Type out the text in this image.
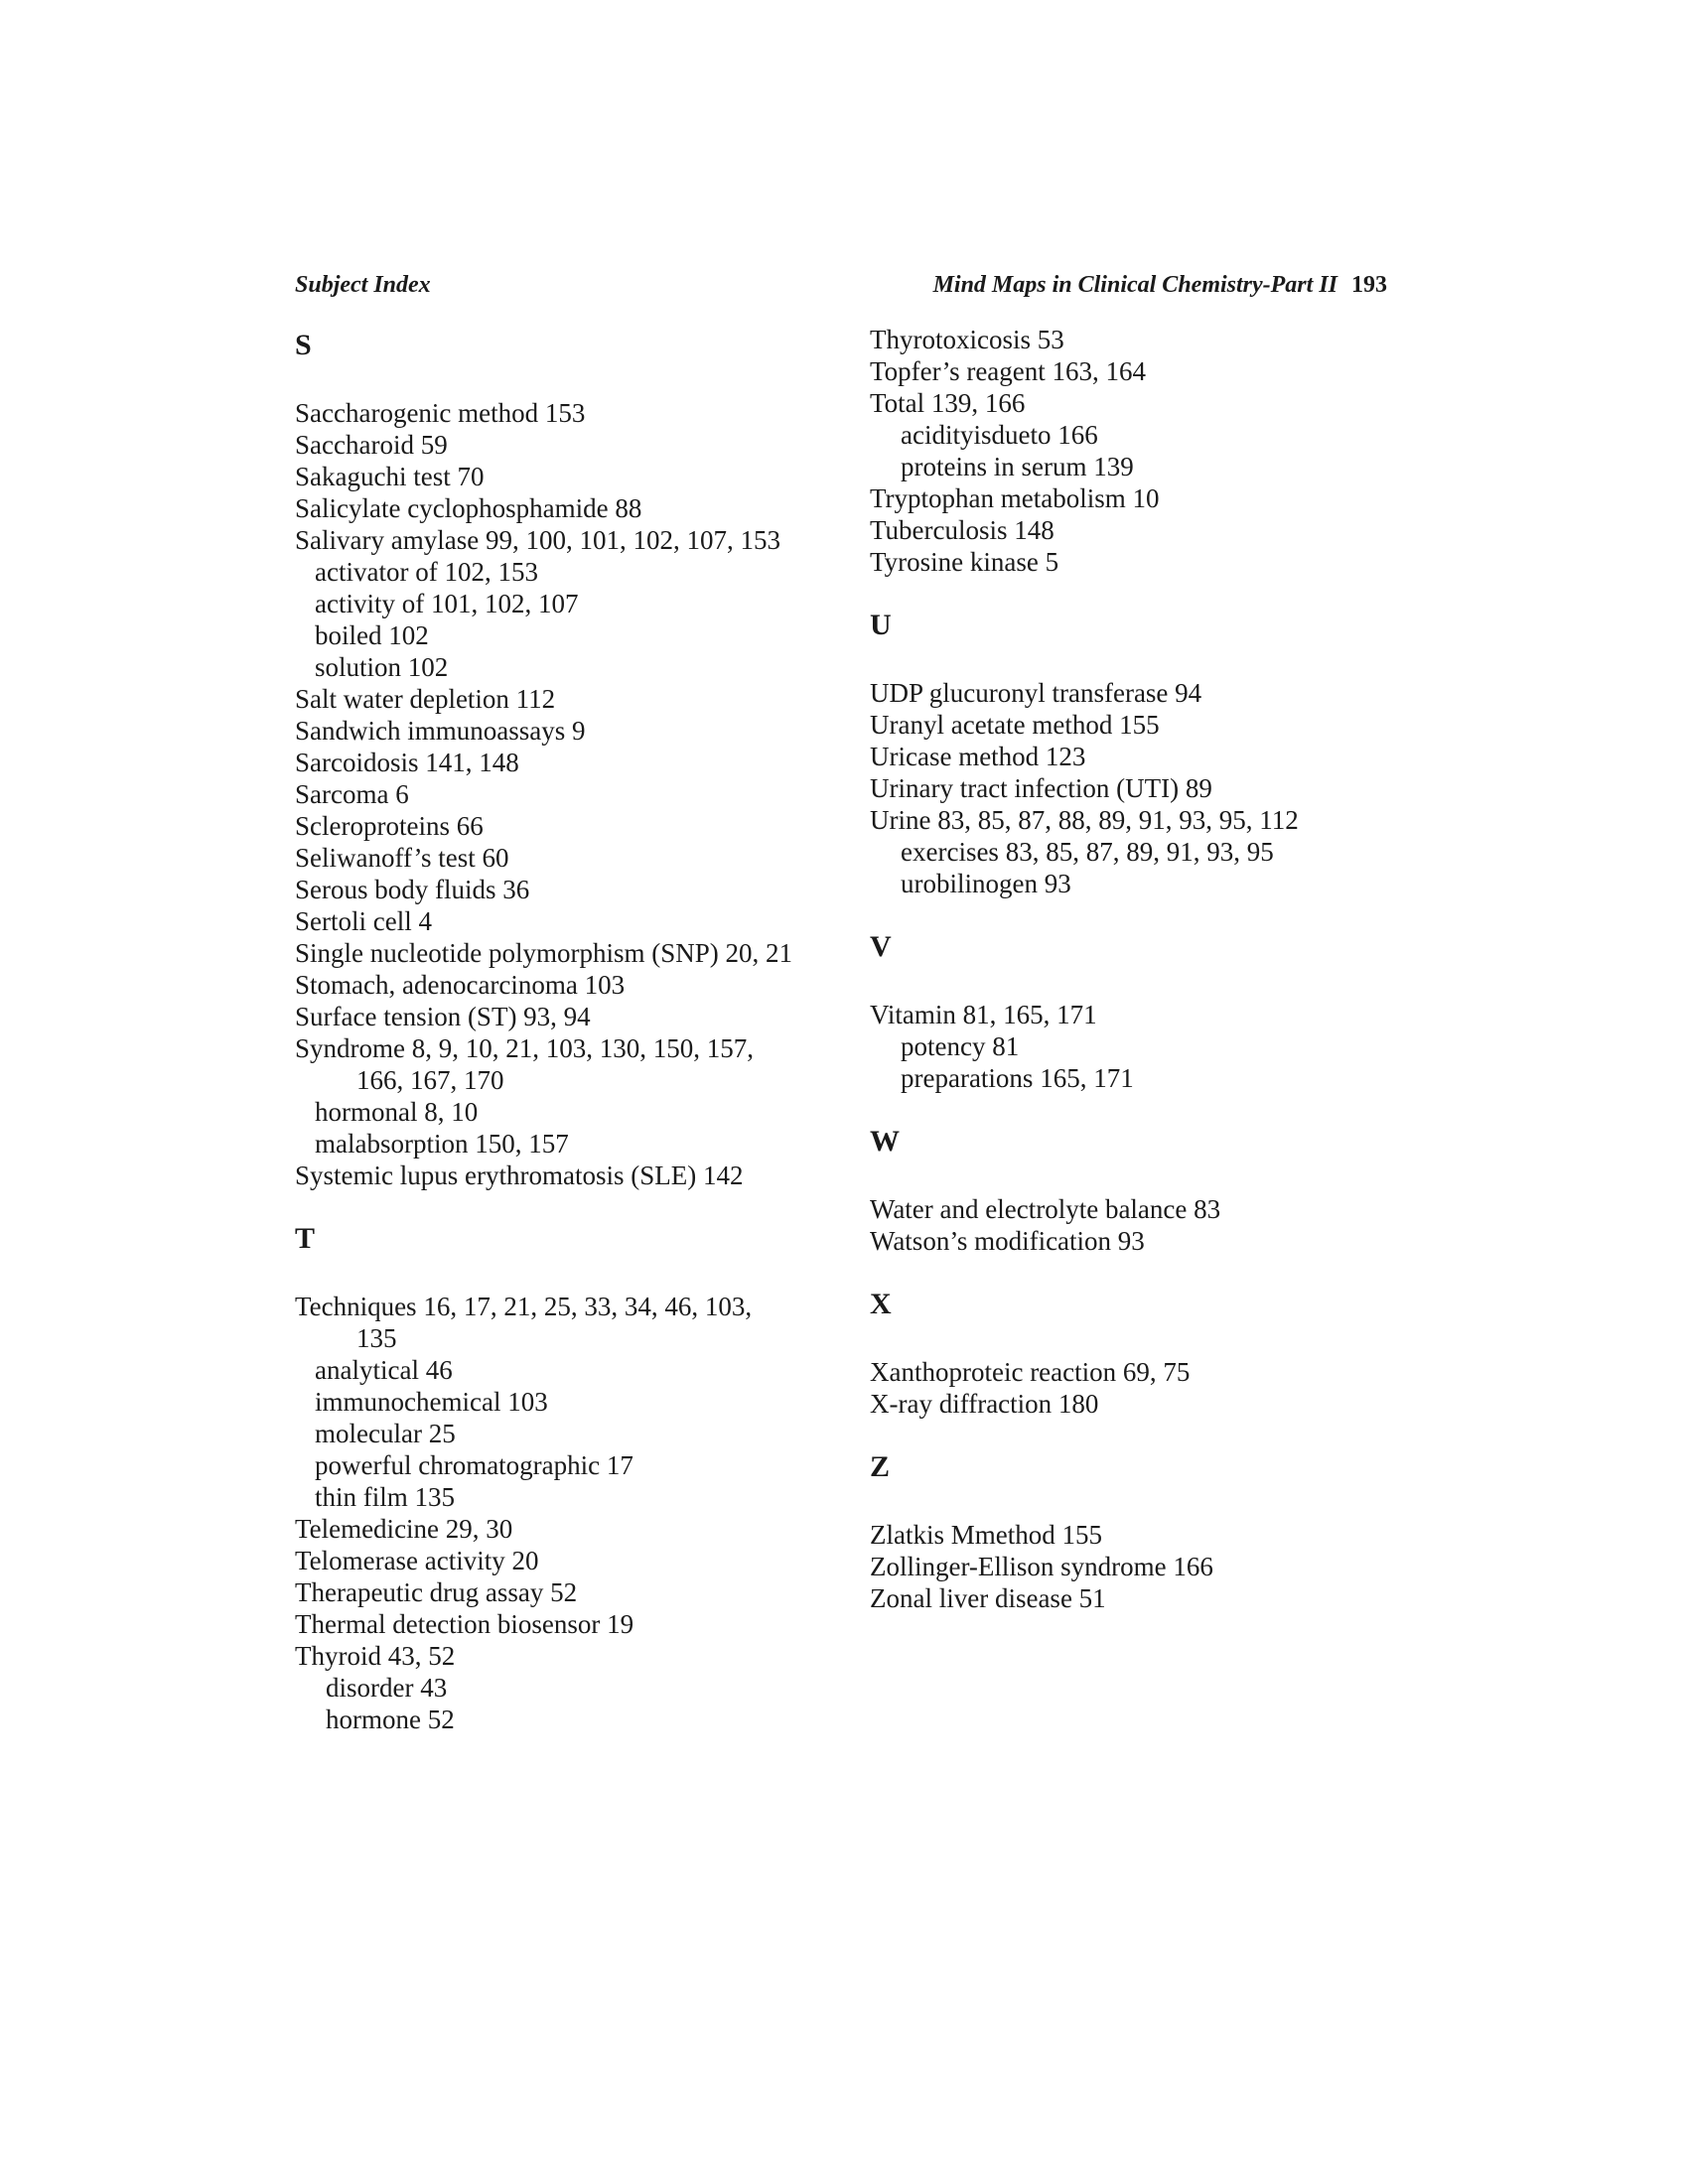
Subject Index	Mind Maps in Clinical Chemistry-Part II 193
S
Saccharogenic method 153
Saccharoid 59
Sakaguchi test 70
Salicylate cyclophosphamide 88
Salivary amylase 99, 100, 101, 102, 107, 153
activator of 102, 153
activity of 101, 102, 107
boiled 102
solution 102
Salt water depletion 112
Sandwich immunoassays 9
Sarcoidosis 141, 148
Sarcoma 6
Scleroproteins 66
Seliwanoff’s test 60
Serous body fluids 36
Sertoli cell 4
Single nucleotide polymorphism (SNP) 20, 21
Stomach, adenocarcinoma 103
Surface tension (ST) 93, 94
Syndrome 8, 9, 10, 21, 103, 130, 150, 157,
166, 167, 170
hormonal 8, 10
malabsorption 150, 157
Systemic lupus erythromatosis (SLE) 142
T
Techniques 16, 17, 21, 25, 33, 34, 46, 103,
135
analytical 46
immunochemical 103
molecular 25
powerful chromatographic 17
thin film 135
Telemedicine 29, 30
Telomerase activity 20
Therapeutic drug assay 52
Thermal detection biosensor 19
Thyroid 43, 52
disorder 43
hormone 52
Thyrotoxicosis 53
Topfer’s reagent 163, 164
Total 139, 166
acidityisdueto 166
proteins in serum 139
Tryptophan metabolism 10
Tuberculosis 148
Tyrosine kinase 5
U
UDP glucuronyl transferase 94
Uranyl acetate method 155
Uricase method 123
Urinary tract infection (UTI) 89
Urine 83, 85, 87, 88, 89, 91, 93, 95, 112
exercises 83, 85, 87, 89, 91, 93, 95
urobilinogen 93
V
Vitamin 81, 165, 171
potency 81
preparations 165, 171
W
Water and electrolyte balance 83
Watson’s modification 93
X
Xanthoproteic reaction 69, 75
X-ray diffraction 180
Z
Zlatkis Mmethod 155
Zollinger-Ellison syndrome 166
Zonal liver disease 51
